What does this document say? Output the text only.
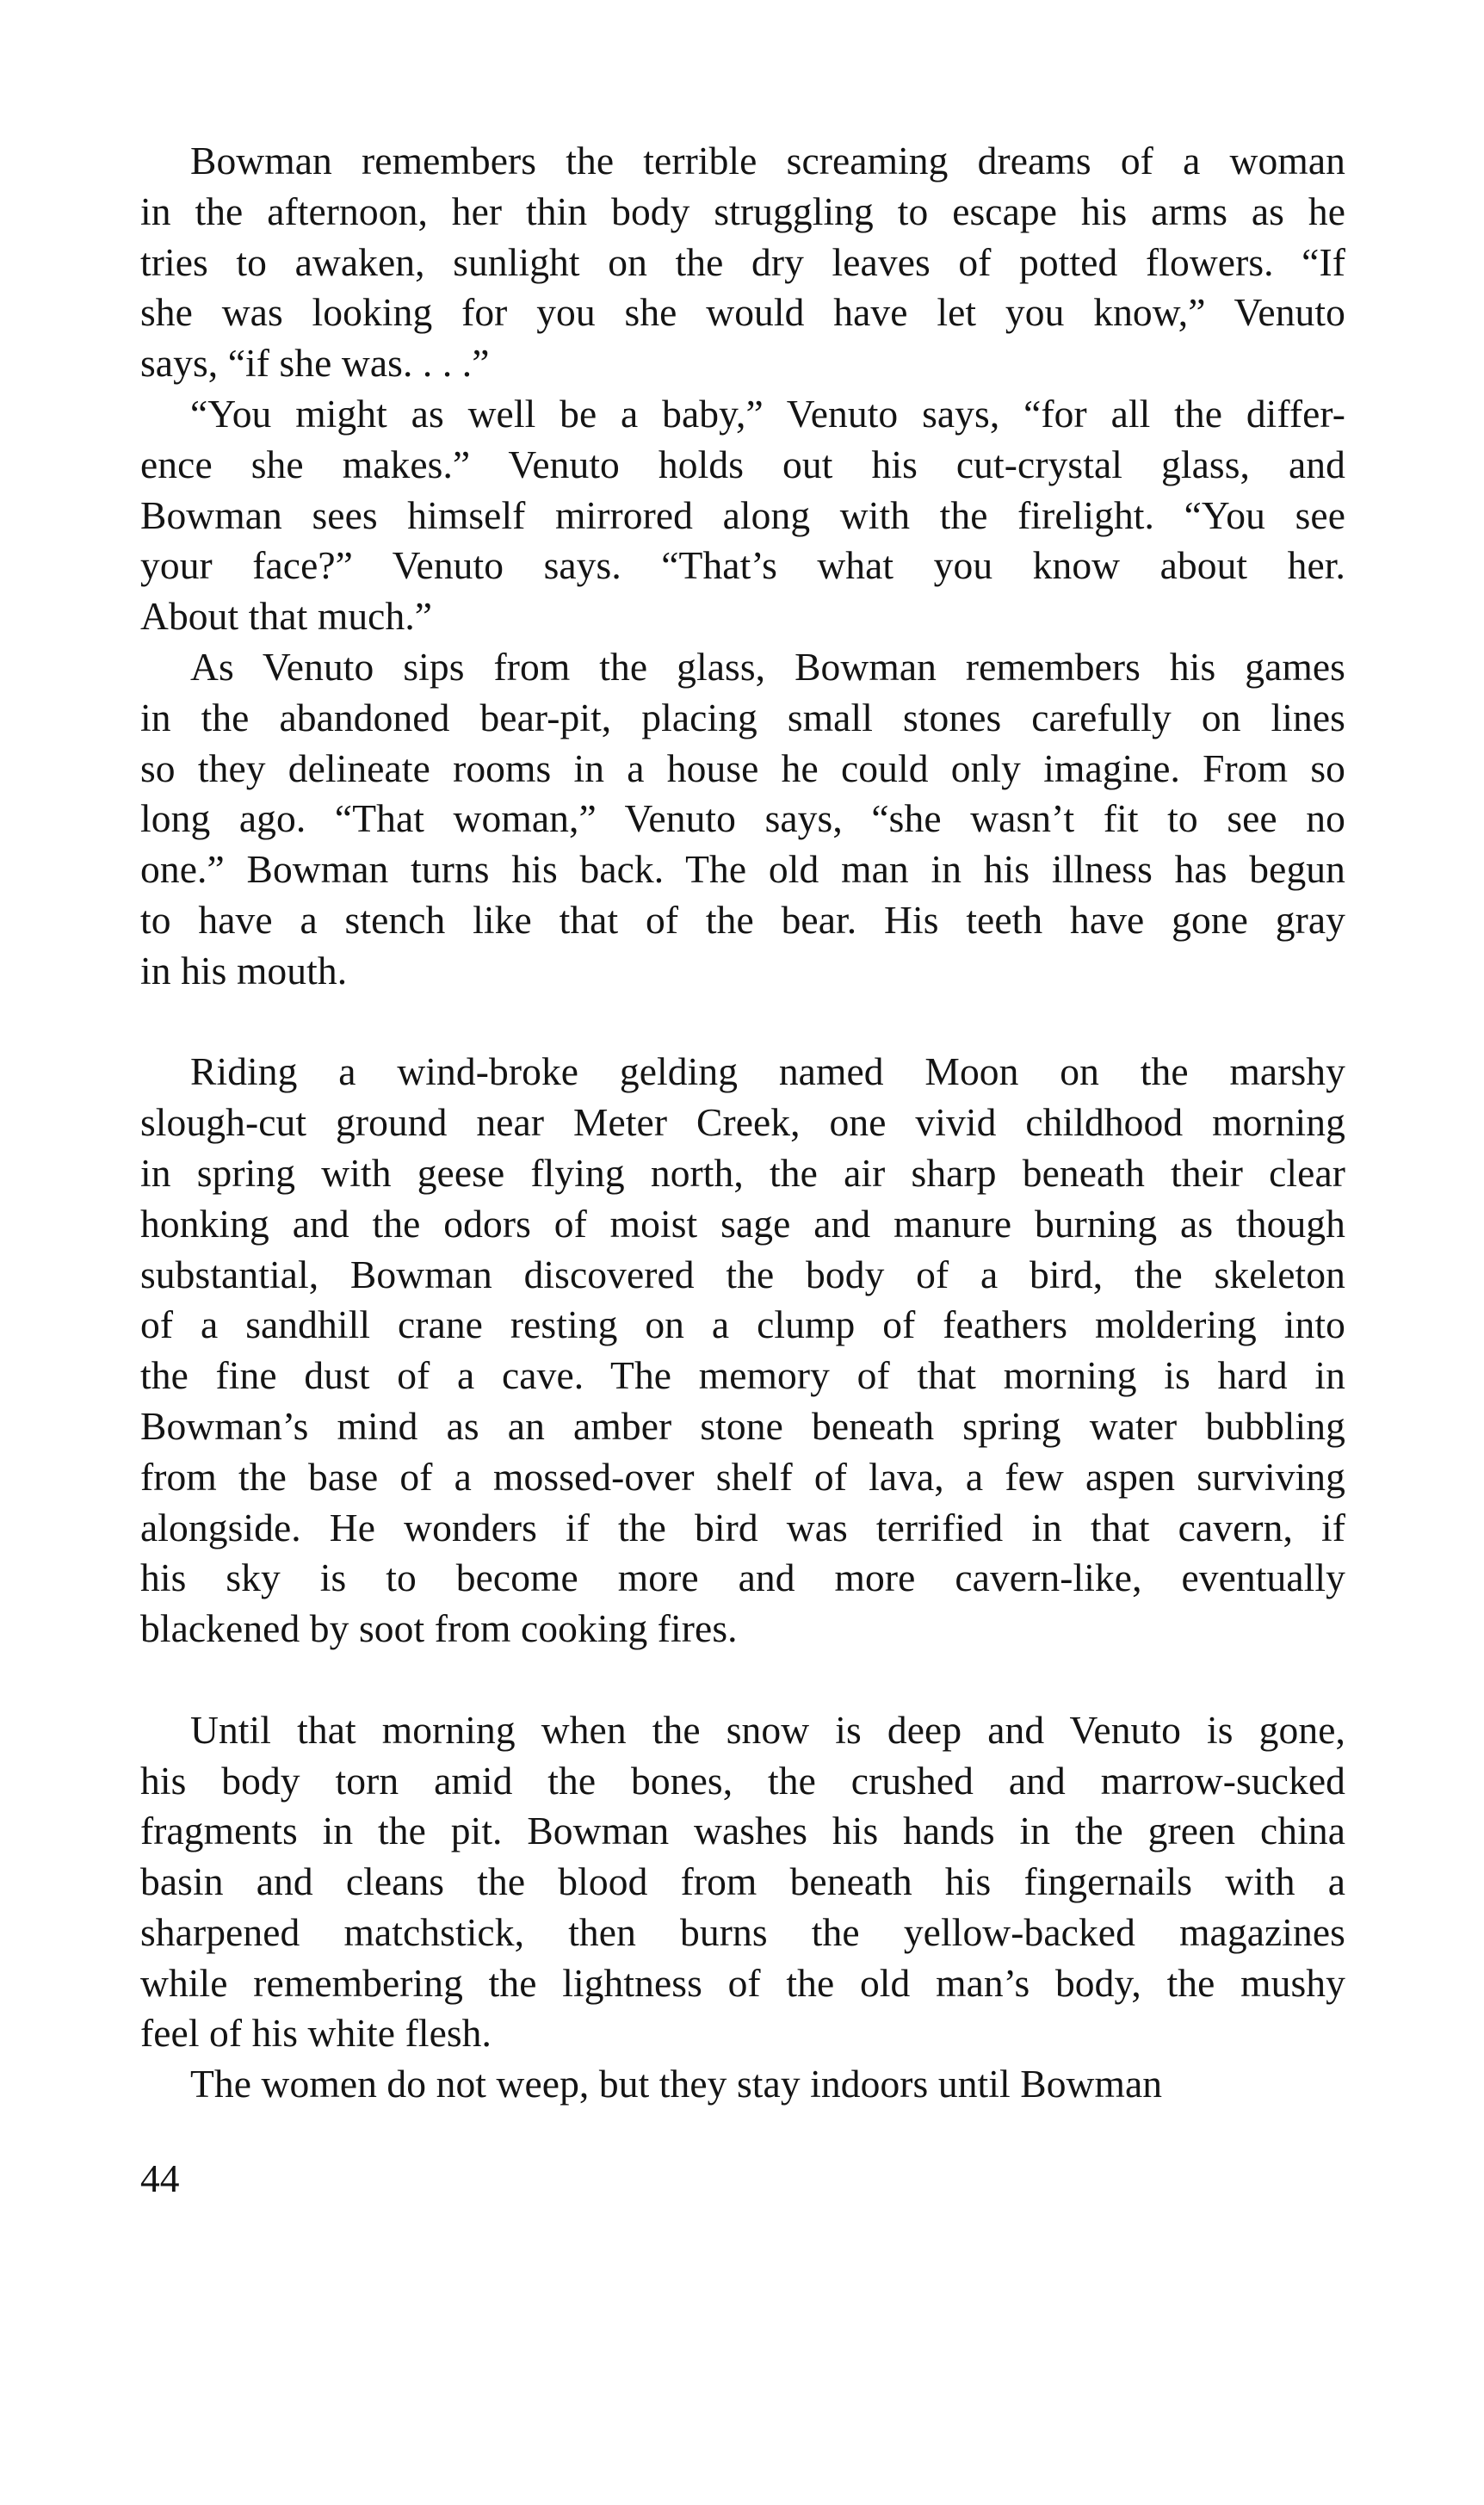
Bowman remembers the terrible screaming dreams of a woman
in the afternoon, her thin body struggling to escape his arms as he
tries to awaken, sunlight on the dry leaves of potted flowers. “If
she was looking for you she would have let you know,” Venuto
says, “if she was. . . .”
“You might as well be a baby,” Venuto says, “for all the differ-
ence she makes.” Venuto holds out his cut-crystal glass, and
Bowman sees himself mirrored along with the firelight. “You see
your face?” Venuto says. “That’s what you know about her.
About that much.”
As Venuto sips from the glass, Bowman remembers his games
in the abandoned bear-pit, placing small stones carefully on lines
so they delineate rooms in a house he could only imagine. From so
long ago. “That woman,” Venuto says, “she wasn’t fit to see no
one.” Bowman turns his back. The old man in his illness has begun
to have a stench like that of the bear. His teeth have gone gray
in his mouth.
Riding a wind-broke gelding named Moon on the marshy
slough-cut ground near Meter Creek, one vivid childhood morning
in spring with geese flying north, the air sharp beneath their clear
honking and the odors of moist sage and manure burning as though
substantial, Bowman discovered the body of a bird, the skeleton
of a sandhill crane resting on a clump of feathers moldering into
the fine dust of a cave. The memory of that morning is hard in
Bowman’s mind as an amber stone beneath spring water bubbling
from the base of a mossed-over shelf of lava, a few aspen surviving
alongside. He wonders if the bird was terrified in that cavern, if
his sky is to become more and more cavern-like, eventually
blackened by soot from cooking fires.
Until that morning when the snow is deep and Venuto is gone,
his body torn amid the bones, the crushed and marrow-sucked
fragments in the pit. Bowman washes his hands in the green china
basin and cleans the blood from beneath his fingernails with a
sharpened matchstick, then burns the yellow-backed magazines
while remembering the lightness of the old man’s body, the mushy
feel of his white flesh.
The women do not weep, but they stay indoors until Bowman
44
